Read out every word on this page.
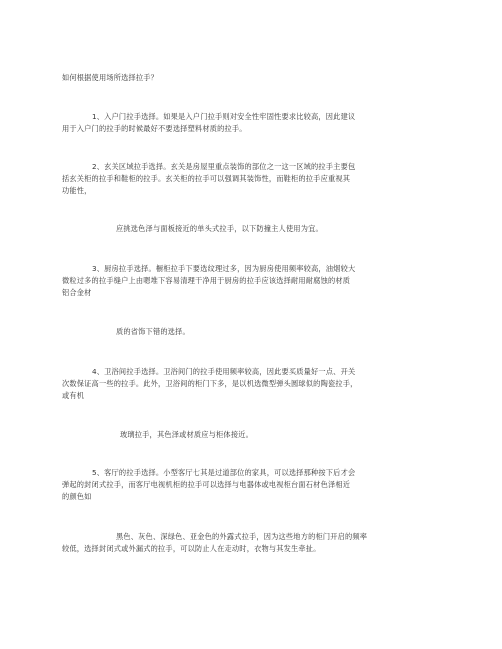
如何根据使用场所选择拉手？
1、入户门拉手选择。如果是入户门拉手则对安全性牢固性要求比较高，因此建议
用于入户门的拉手的时候最好不要选择塑料材质的拉手。
2、玄关区域拉手选择。玄关是房屋里重点装饰的部位之一这一区域的拉手主要包
括玄关柜的拉手和鞋柜的拉手。玄关柜的拉手可以强调其装饰性，而鞋柜的拉手应重视其
功能性，
应挑选色泽与面板接近的单头式拉手，以下防撞主人使用为宜。
3、厨房拉手选择。橱柜拉手下要选纹理过多，因为厨房使用频率较高，油烟较大
微粒过多的拉手缝户上由嗯堆下容易清理干净用于厨房的拉手应该选择耐用耐腐蚀的材质
铝合金材
质的省饰下错的选择。
4、卫浴间拉手选择。卫浴间门的拉手使用频率较高，因此要买质量好一点、开关
次数保证高一些的拉手。此外，卫浴间的柜门下多，是以机选微型弹头圆球似的陶瓷拉手，
或有机
玻璃拉手，其色泽或材质应与柜体接近。
5、客厅的拉手选择。小型客厅七其是过道部位的家具，可以选择那种按下后才会
弹起的封闭式拉手，而客厅电视机柜的拉手可以选择与电器体或电视柜台面石材色泽相近
的颜色如
黑色、灰色、深绿色、亚金色的外露式拉手，因为这些地方的柜门开启的频率
较低，选择封闭式或外漏式的拉手，可以防止人在走动时，衣物与其发生牵扯。
